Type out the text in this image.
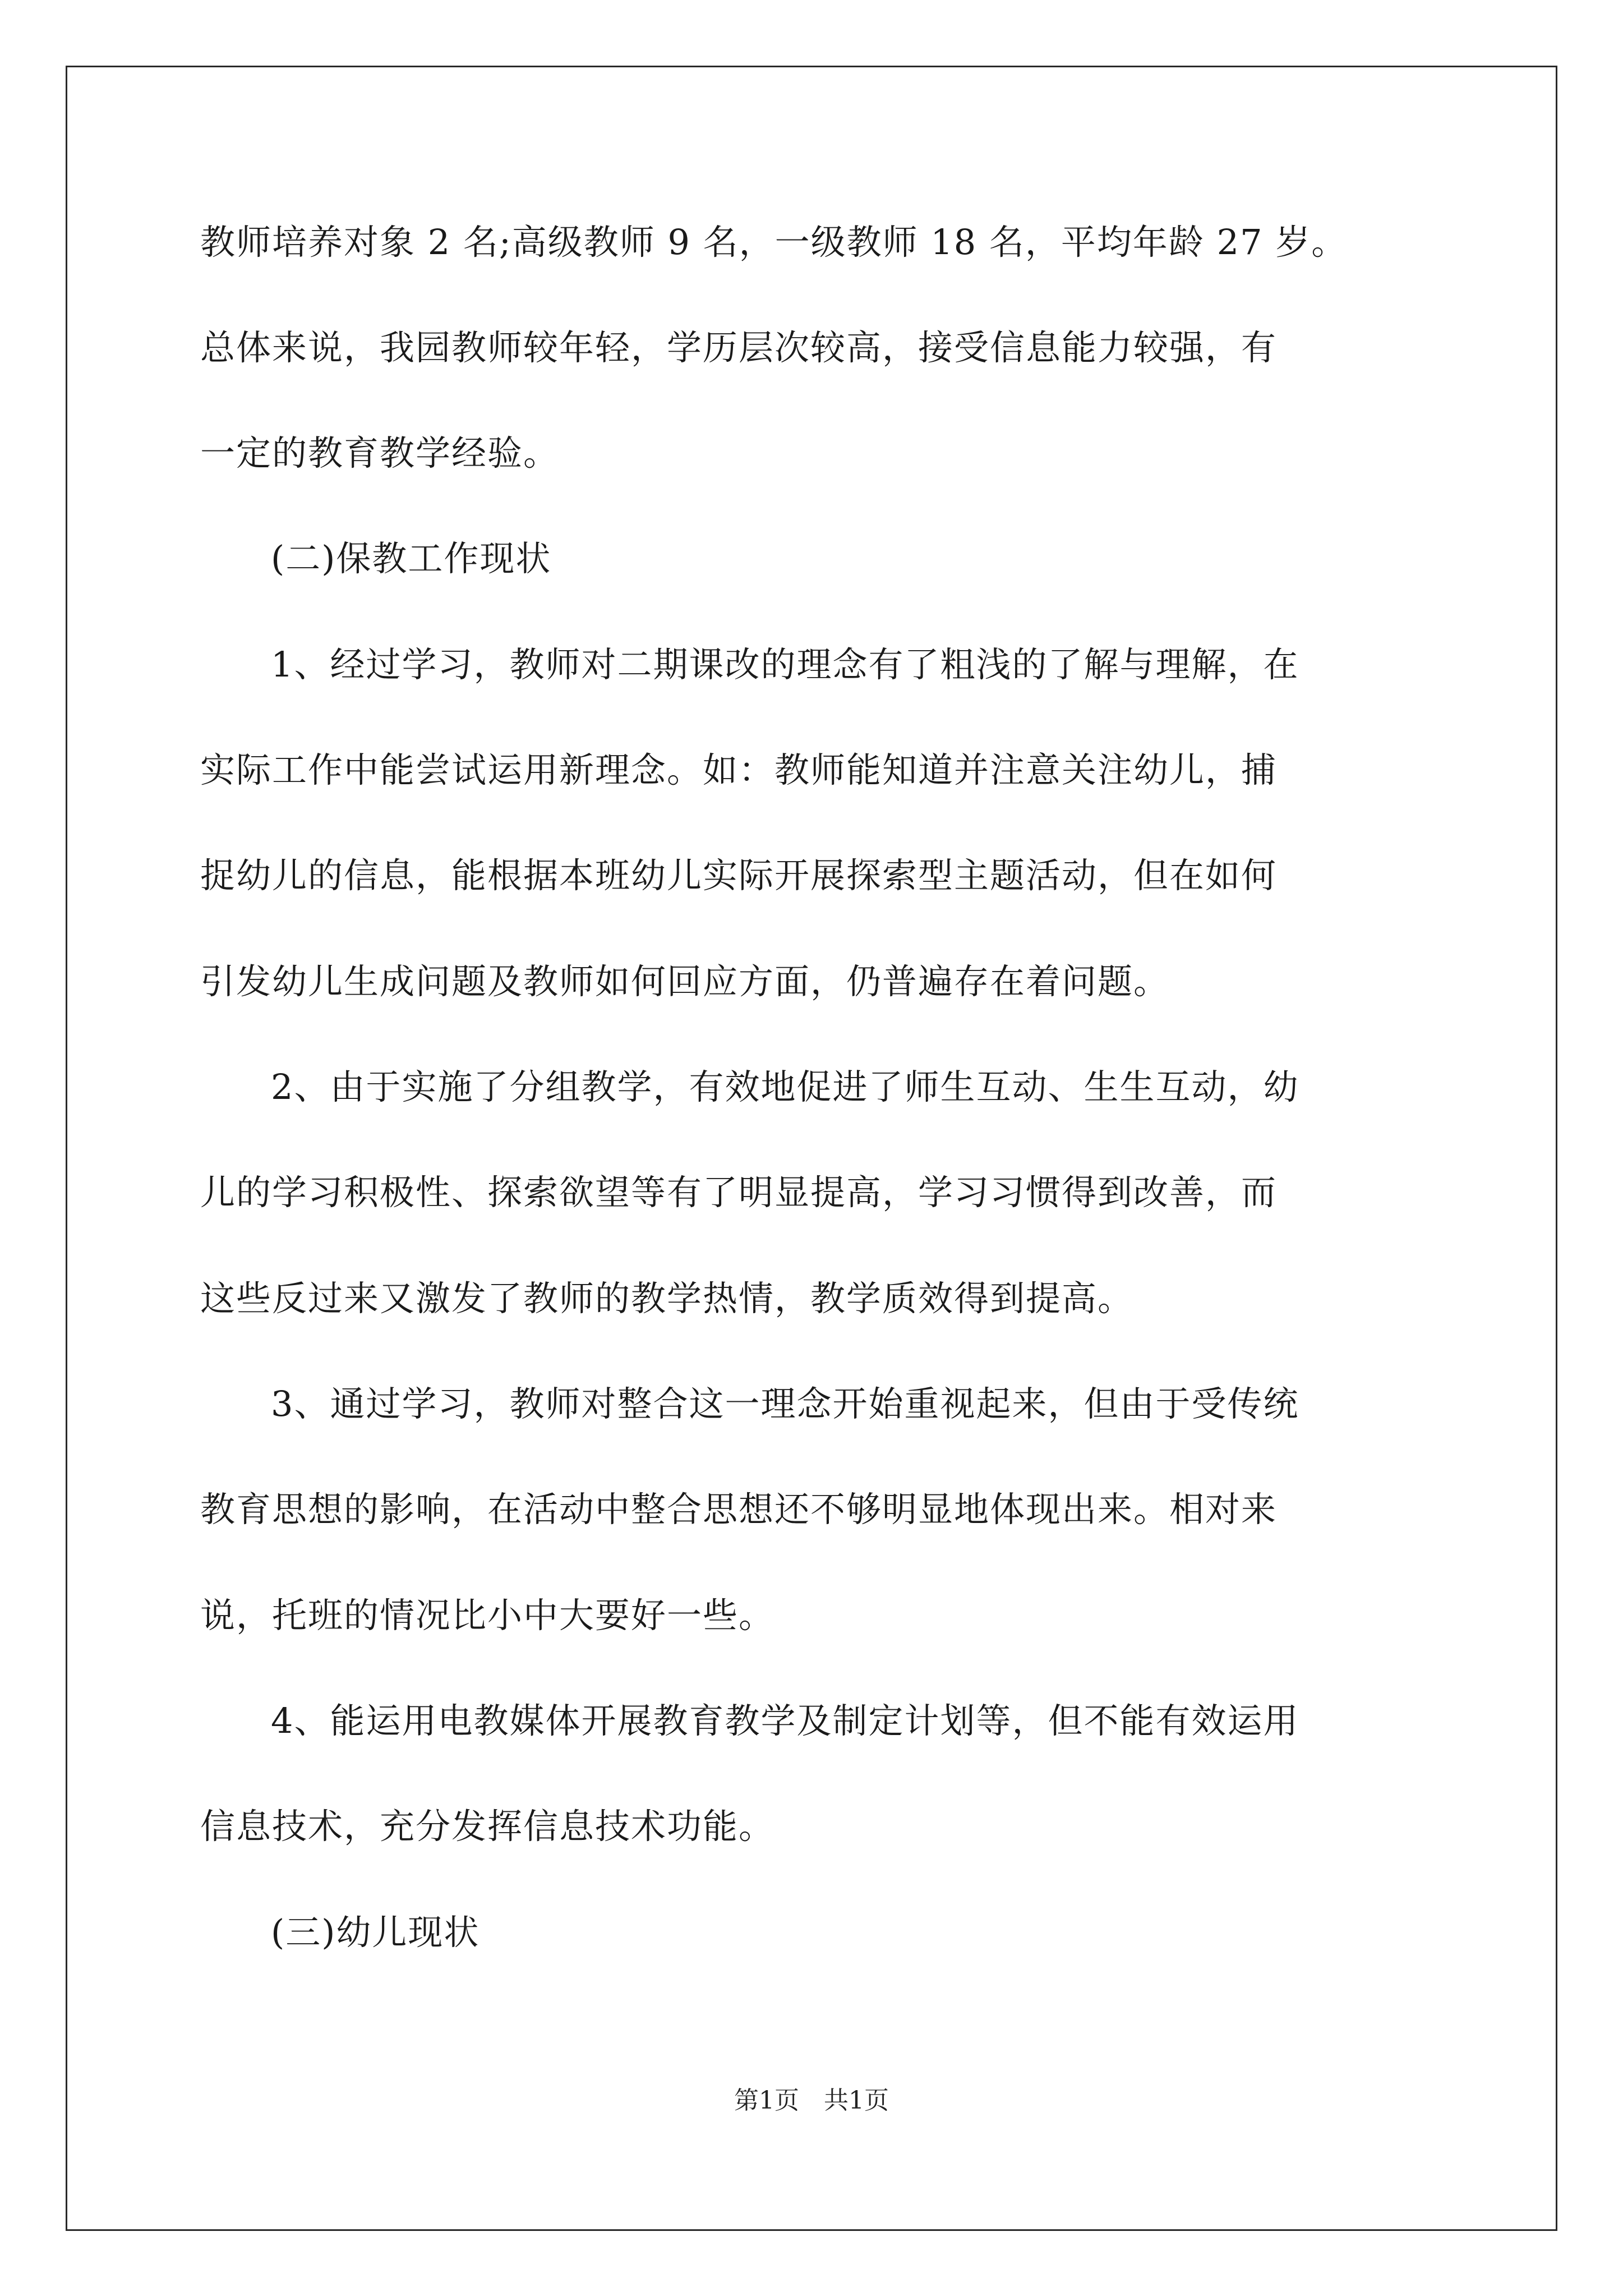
教师培养对象 2 名;高级教师 9 名，一级教师 18 名，平均年龄 27 岁。
总体来说，我园教师较年轻，学历层次较高，接受信息能力较强，有
一定的教育教学经验。
(二)保教工作现状
1、经过学习，教师对二期课改的理念有了粗浅的了解与理解，在
实际工作中能尝试运用新理念。如：教师能知道并注意关注幼儿，捕
捉幼儿的信息，能根据本班幼儿实际开展探索型主题活动，但在如何
引发幼儿生成问题及教师如何回应方面，仍普遍存在着问题。
2、由于实施了分组教学，有效地促进了师生互动、生生互动，幼
儿的学习积极性、探索欲望等有了明显提高，学习习惯得到改善，而
这些反过来又激发了教师的教学热情，教学质效得到提高。
3、通过学习，教师对整合这一理念开始重视起来，但由于受传统
教育思想的影响，在活动中整合思想还不够明显地体现出来。相对来
说，托班的情况比小中大要好一些。
4、能运用电教媒体开展教育教学及制定计划等，但不能有效运用
信息技术，充分发挥信息技术功能。
(三)幼儿现状
第1页　共1页
